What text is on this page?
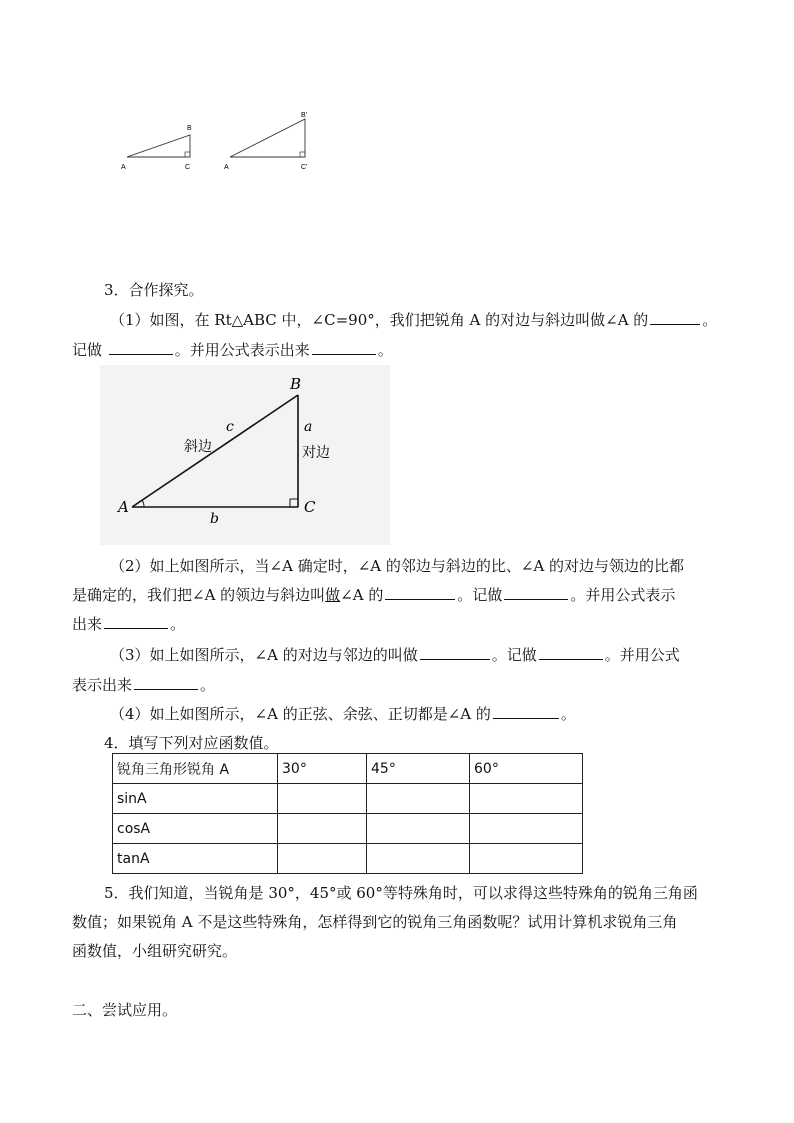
A
B
C	A
B'
C'
3．合作探究。
（1）如图，在 Rt△ABC 中，∠C=90°，我们把锐角 A 的对边与斜边叫做∠A 的	。
记做	。并用公式表示出来	。
A
B
C
c	a
b
斜边	对边
（2）如上如图所示，当∠A 确定时，∠A 的邻边与斜边的比、∠A 的对边与领边的比都
是确定的，我们把∠A 的领边与斜边叫做∠A 的	。记做	。并用公式表示
出来	。
（3）如上如图所示，∠A 的对边与邻边的叫做	。记做	。并用公式
表示出来	。
（4）如上如图所示，∠A 的正弦、余弦、正切都是∠A 的	。
4．填写下列对应函数值。
锐角三角形锐角 A	30°	45°	60°
sinA			
cosA			
tanA			
5．我们知道，当锐角是 30°，45°或 60°等特殊角时，可以求得这些特殊角的锐角三角函
数值；如果锐角 A 不是这些特殊角，怎样得到它的锐角三角函数呢？试用计算机求锐角三角
函数值，小组研究研究。
二、尝试应用。
